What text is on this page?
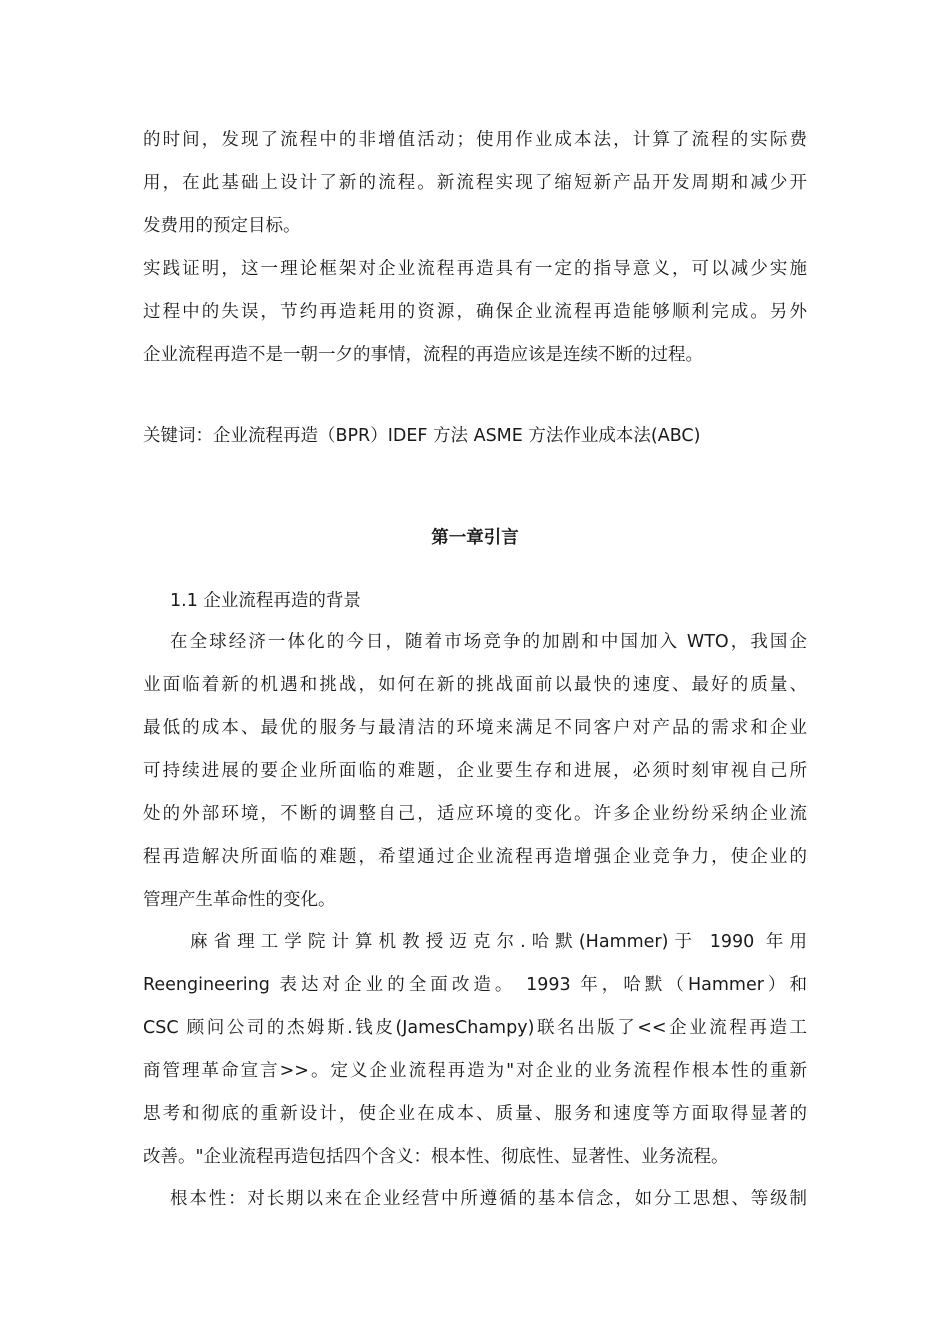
的时间，发现了流程中的非增值活动；使用作业成本法，计算了流程的实际费
用，在此基础上设计了新的流程。新流程实现了缩短新产品开发周期和减少开
发费用的预定目标。
实践证明，这一理论框架对企业流程再造具有一定的指导意义，可以减少实施
过程中的失误，节约再造耗用的资源，确保企业流程再造能够顺利完成。另外
企业流程再造不是一朝一夕的事情，流程的再造应该是连续不断的过程。
关键词：企业流程再造（BPR）IDEF 方法 ASME 方法作业成本法(ABC)
第一章引言
1.1 企业流程再造的背景
在全球经济一体化的今日，随着市场竞争的加剧和中国加入 WTO，我国企
业面临着新的机遇和挑战，如何在新的挑战面前以最快的速度、最好的质量、
最低的成本、最优的服务与最清洁的环境来满足不同客户对产品的需求和企业
可持续进展的要企业所面临的难题，企业要生存和进展，必须时刻审视自己所
处的外部环境，不断的调整自己，适应环境的变化。许多企业纷纷采纳企业流
程再造解决所面临的难题，希望通过企业流程再造增强企业竞争力，使企业的
管理产生革命性的变化。
麻省理工学院计算机教授迈克尔.哈默(Hammer)于 1990 年用
Reengineering 表达对企业的全面改造。 1993 年，哈默（Hammer）和
CSC 顾问公司的杰姆斯.钱皮(JamesChampy)联名出版了<<企业流程再造工
商管理革命宣言>>。定义企业流程再造为"对企业的业务流程作根本性的重新
思考和彻底的重新设计，使企业在成本、质量、服务和速度等方面取得显著的
改善。"企业流程再造包括四个含义：根本性、彻底性、显著性、业务流程。
根本性：对长期以来在企业经营中所遵循的基本信念，如分工思想、等级制
